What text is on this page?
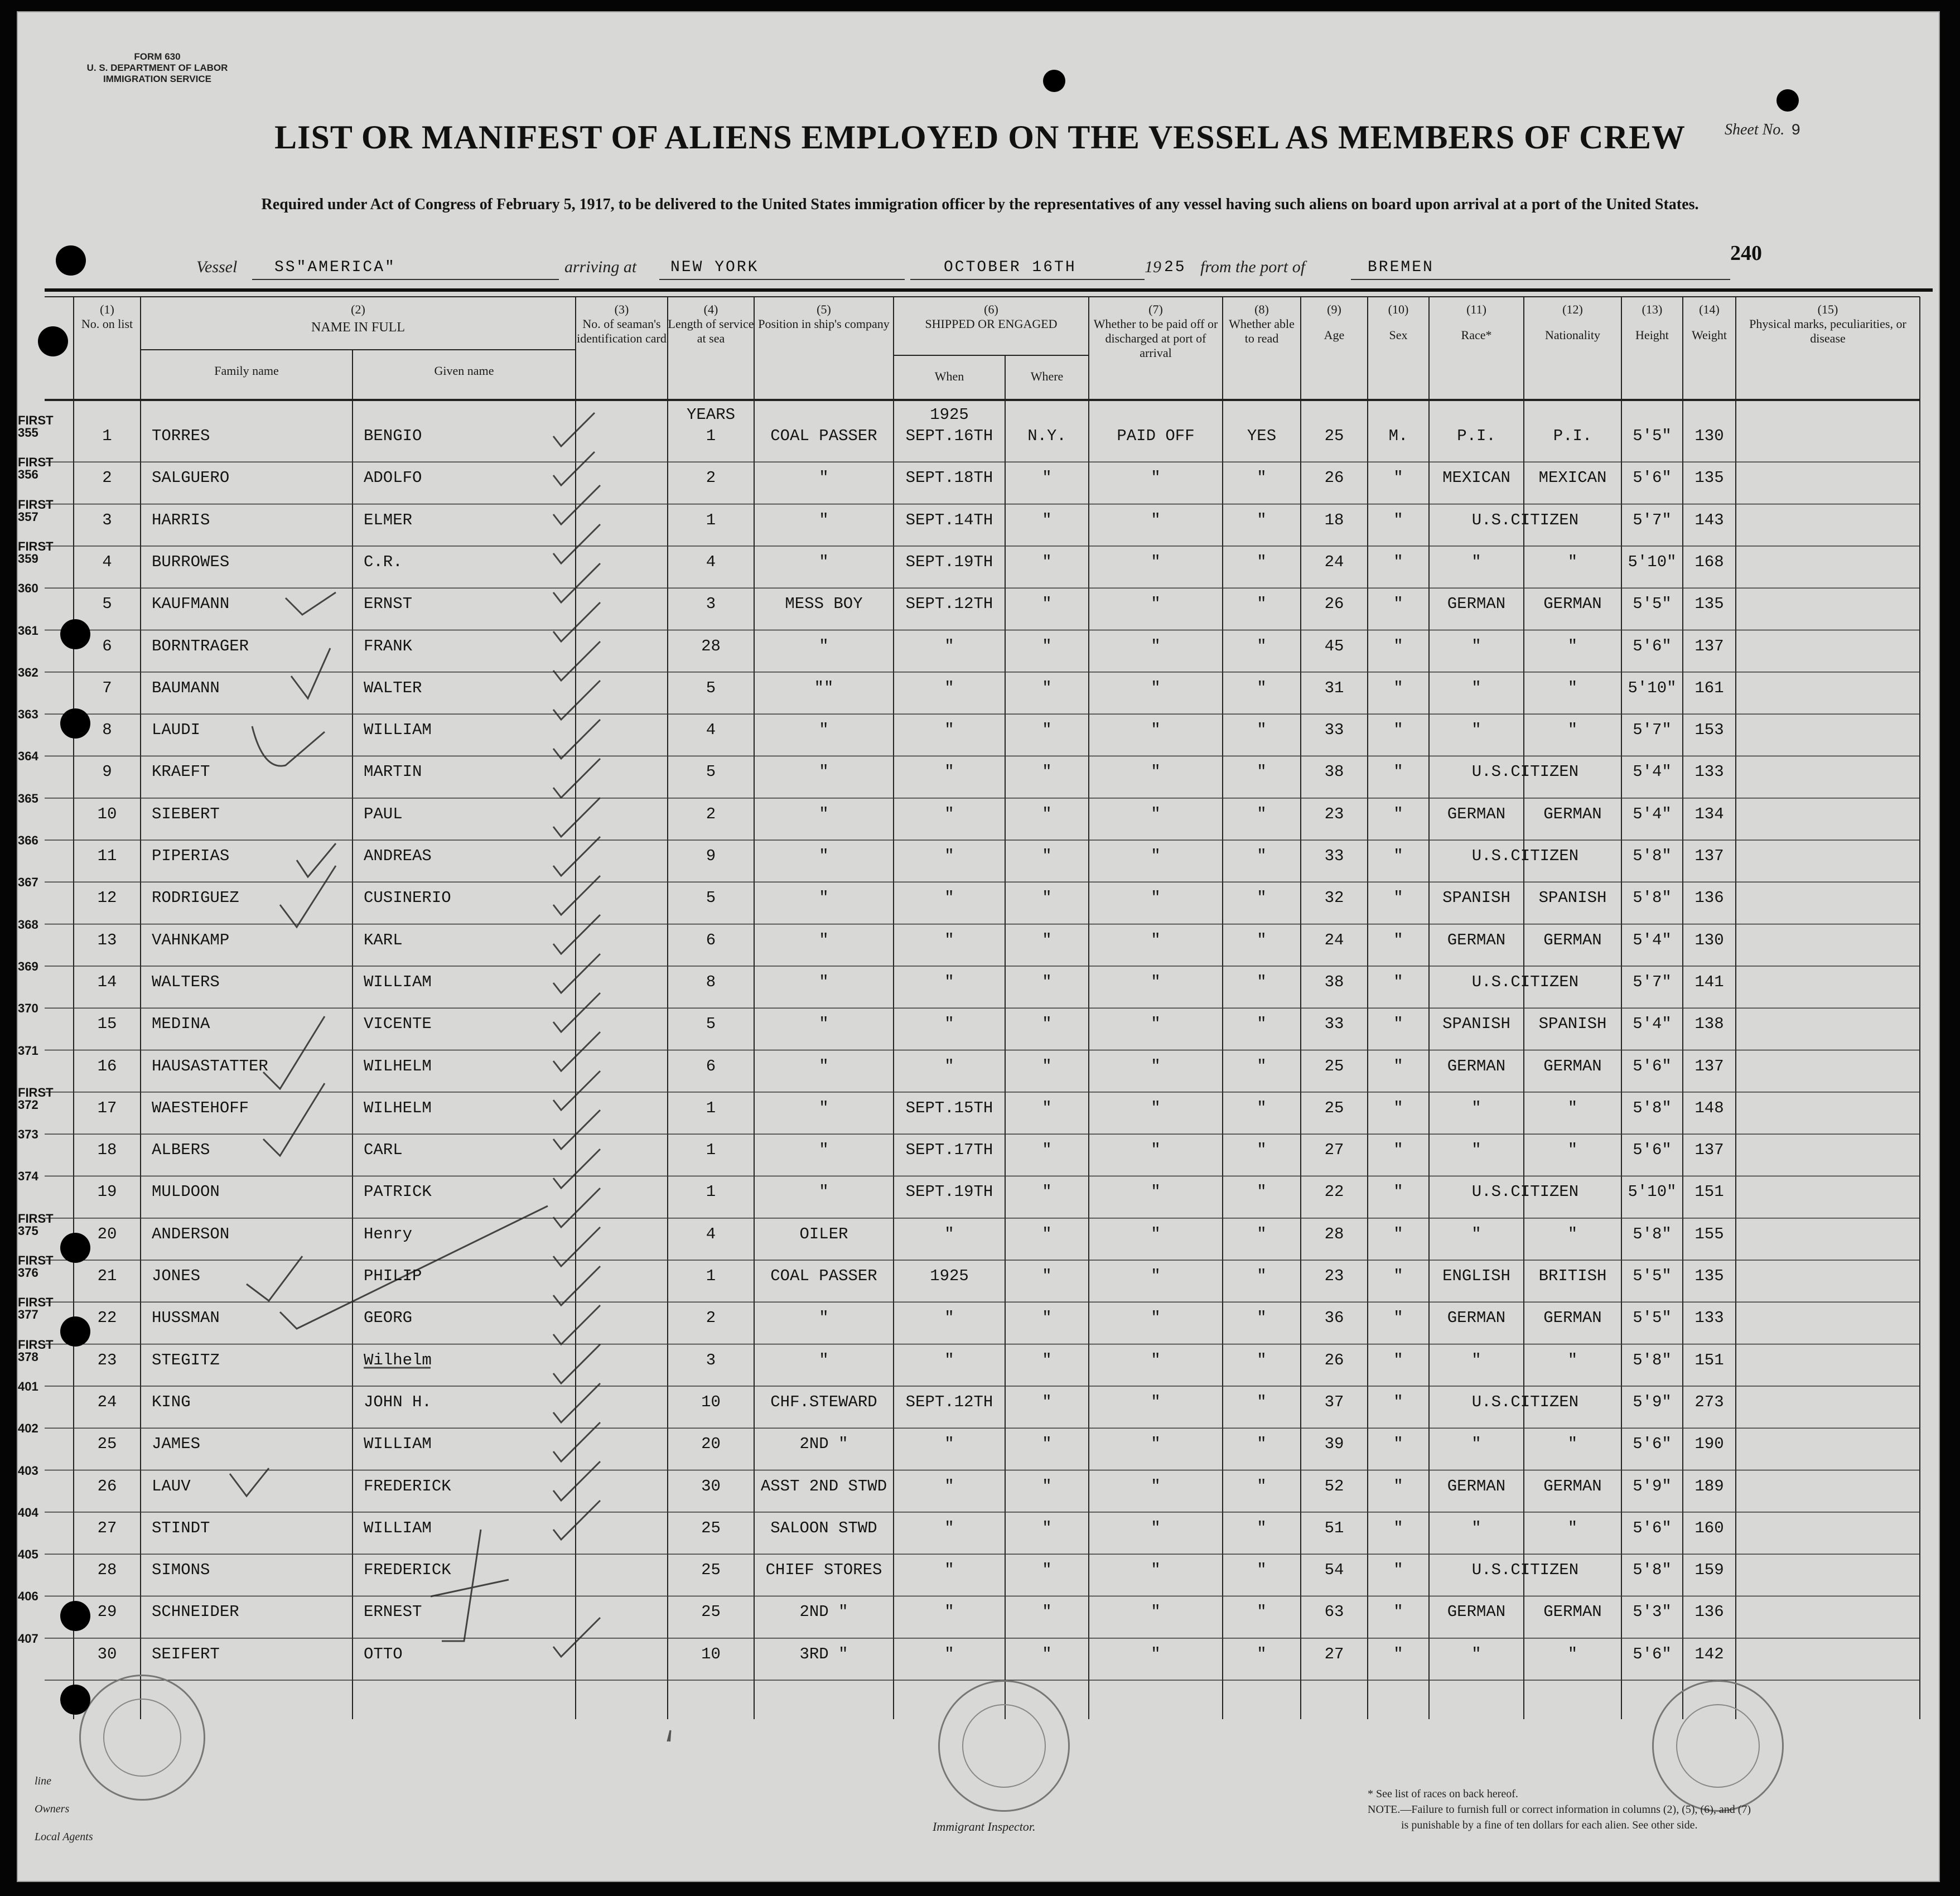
FORM 630
U. S. DEPARTMENT OF LABOR
IMMIGRATION SERVICE
LIST OR MANIFEST OF ALIENS EMPLOYED ON THE VESSEL AS MEMBERS OF CREW	Sheet No. 9
Required under Act of Congress of February 5, 1917, to be delivered to the United States immigration officer by the representatives of any vessel having such aliens on board upon arrival at a port of the United States.
240
Vessel SS"AMERICA"	arriving at NEW YORK	OCTOBER 16TH	19 25 from the port of	BREMEN
(1)
No. on list
(2)
NAME IN FULL
Family name	Given name
(3)
No. of seaman's identification card
(4)
Length of service at sea
(5)
Position in ship's company
(6)
SHIPPED OR ENGAGED
When	Where
(7)
Whether to be paid off or discharged at port of arrival
(8)
Whether able to read
(9)
Age
(10)
Sex
(11)
Race*
(12)
Nationality
(13)
Height
(14)
Weight
(15)
Physical marks, peculiarities, or disease
YEARS	1925
FIRST 355	1	TORRES	BENGIO	1	COAL PASSER	SEPT.16TH	N.Y.	PAID OFF	YES	25	M.	P.I.	P.I.	5'5"	130
FIRST 356	2	SALGUERO	ADOLFO	2	"	SEPT.18TH	"	"	"	26	"	MEXICAN	MEXICAN	5'6"	135
FIRST 357	3	HARRIS	ELMER	1	"	SEPT.14TH	"	"	"	18	"	U.S.CITIZEN	5'7"	143
FIRST 359	4	BURROWES	C.R.	4	"	SEPT.19TH	"	"	"	24	"	"	"	5'10"	168
360
5	KAUFMANN	ERNST	3	MESS BOY	SEPT.12TH	"	"	"	26	"	GERMAN	GERMAN	5'5"	135
361
6	BORNTRAGER	FRANK	28	"	"	"	"	"	45	"	"	"	5'6"	137
362
7	BAUMANN	WALTER	5	""	"	"	"	"	31	"	"	"	5'10"	161
363
8	LAUDI	WILLIAM	4	"	"	"	"	"	33	"	"	"	5'7"	153
364
9	KRAEFT	MARTIN	5	"	"	"	"	"	38	"	U.S.CITIZEN	5'4"	133
365
10	SIEBERT	PAUL	2	"	"	"	"	"	23	"	GERMAN	GERMAN	5'4"	134
366
11	PIPERIAS	ANDREAS	9	"	"	"	"	"	33	"	U.S.CITIZEN	5'8"	137
367
12	RODRIGUEZ	CUSINERIO	5	"	"	"	"	"	32	"	SPANISH	SPANISH	5'8"	136
368
13	VAHNKAMP	KARL	6	"	"	"	"	"	24	"	GERMAN	GERMAN	5'4"	130
369
14	WALTERS	WILLIAM	8	"	"	"	"	"	38	"	U.S.CITIZEN	5'7"	141
370
15	MEDINA	VICENTE	5	"	"	"	"	"	33	"	SPANISH	SPANISH	5'4"	138
371
16	HAUSASTATTER	WILHELM	6	"	"	"	"	"	25	"	GERMAN	GERMAN	5'6"	137
FIRST 372	17	WAESTEHOFF	WILHELM	1	"	SEPT.15TH	"	"	"	25	"	"	"	5'8"	148
373
18	ALBERS	CARL	1	"	SEPT.17TH	"	"	"	27	"	"	"	5'6"	137
374
19	MULDOON	PATRICK	1	"	SEPT.19TH	"	"	"	22	"	U.S.CITIZEN	5'10"	151
FIRST 375	20	ANDERSON	Henry	4	OILER	"	"	"	"	28	"	"	"	5'8"	155
FIRST 376	21	JONES	PHILIP	1	COAL PASSER	1925	"	"	"	23	"	ENGLISH	BRITISH	5'5"	135
FIRST 377	22	HUSSMAN	GEORG	2	"	"	"	"	"	36	"	GERMAN	GERMAN	5'5"	133
FIRST 378	23	STEGITZ	Wilhelm	3	"	"	"	"	"	26	"	"	"	5'8"	151
401
24	KING	JOHN H.	10	CHF.STEWARD	SEPT.12TH	"	"	"	37	"	U.S.CITIZEN	5'9"	273
402
25	JAMES	WILLIAM	20	2ND "	"	"	"	"	39	"	"	"	5'6"	190
403
26	LAUV	FREDERICK	30	ASST 2ND STWD	"	"	"	"	52	"	GERMAN	GERMAN	5'9"	189
404
27	STINDT	WILLIAM	25	SALOON STWD	"	"	"	"	51	"	"	"	5'6"	160
405
28	SIMONS	FREDERICK	25	CHIEF STORES	"	"	"	"	54	"	U.S.CITIZEN	5'8"	159
406
29	SCHNEIDER	ERNEST	25	2ND "	"	"	"	"	63	"	GERMAN	GERMAN	5'3"	136
407
30	SEIFERT	OTTO	10	3RD "	"	"	"	"	27	"	"	"	5'6"	142
line
Owners
Local Agents
Immigrant Inspector.
* See list of races on back hereof.
NOTE.—Failure to furnish full or correct information in columns (2), (5), (6), and (7)
is punishable by a fine of ten dollars for each alien. See other side.
